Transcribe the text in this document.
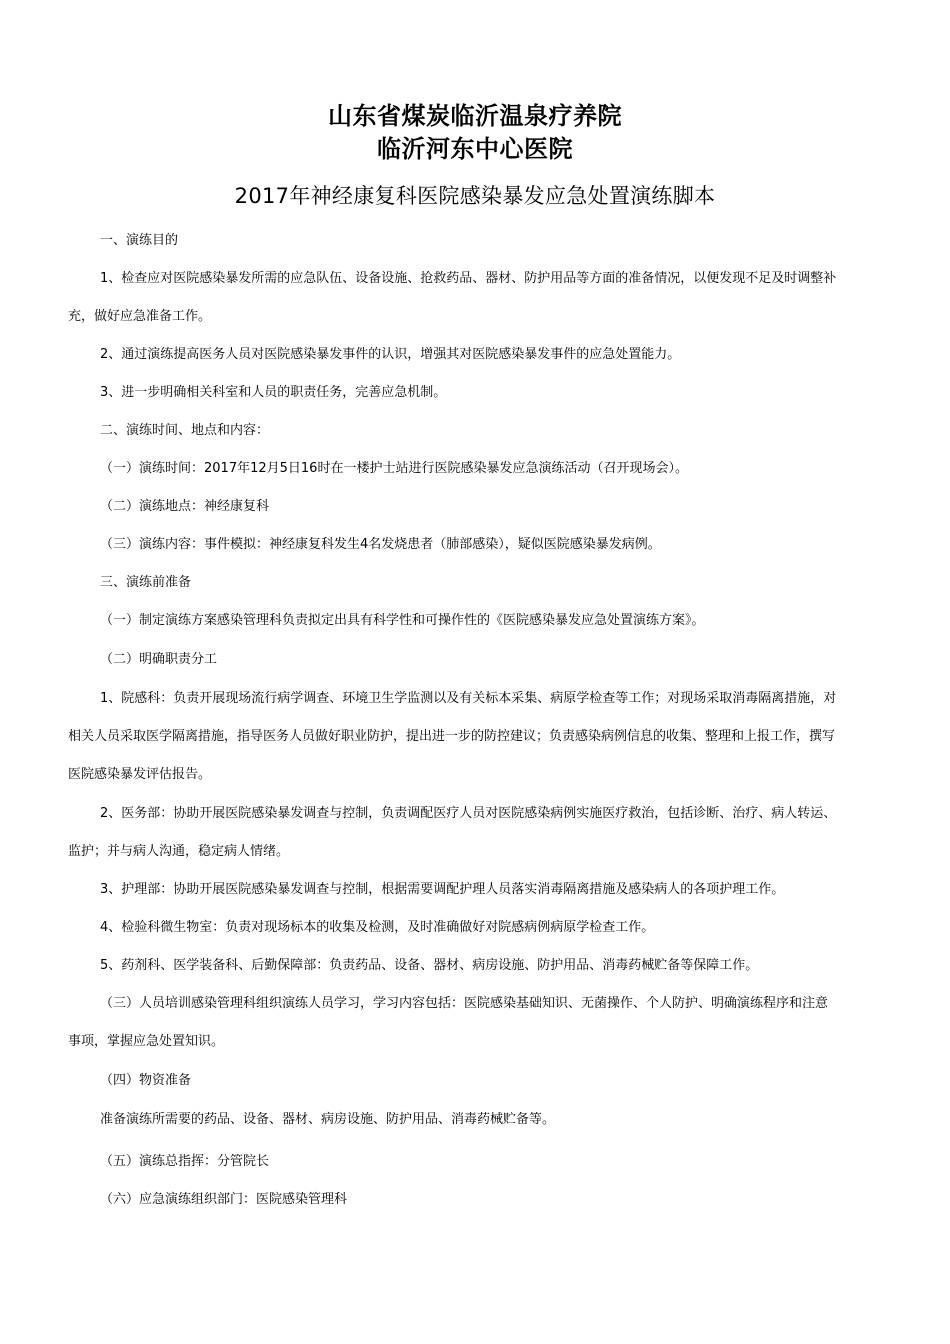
山东省煤炭临沂温泉疗养院
临沂河东中心医院
2017年神经康复科医院感染暴发应急处置演练脚本
一、演练目的
1、检查应对医院感染暴发所需的应急队伍、设备设施、抢救药品、器材、防护用品等方面的准备情况，以便发现不足及时调整补
充，做好应急准备工作。
2、通过演练提高医务人员对医院感染暴发事件的认识，增强其对医院感染暴发事件的应急处置能力。
3、进一步明确相关科室和人员的职责任务，完善应急机制。
二、演练时间、地点和内容：
（一）演练时间：2017年12月5日16时在一楼护士站进行医院感染暴发应急演练活动（召开现场会）。
（二）演练地点：神经康复科
（三）演练内容：事件模拟：神经康复科发生4名发烧患者（肺部感染），疑似医院感染暴发病例。
三、演练前准备
（一）制定演练方案感染管理科负责拟定出具有科学性和可操作性的《医院感染暴发应急处置演练方案》。
（二）明确职责分工
1、院感科：负责开展现场流行病学调查、环境卫生学监测以及有关标本采集、病原学检查等工作；对现场采取消毒隔离措施，对
相关人员采取医学隔离措施，指导医务人员做好职业防护，提出进一步的防控建议；负责感染病例信息的收集、整理和上报工作，撰写
医院感染暴发评估报告。
2、医务部：协助开展医院感染暴发调查与控制，负责调配医疗人员对医院感染病例实施医疗救治，包括诊断、治疗、病人转运、
监护；并与病人沟通，稳定病人情绪。
3、护理部：协助开展医院感染暴发调查与控制，根据需要调配护理人员落实消毒隔离措施及感染病人的各项护理工作。
4、检验科微生物室：负责对现场标本的收集及检测，及时准确做好对院感病例病原学检查工作。
5、药剂科、医学装备科、后勤保障部：负责药品、设备、器材、病房设施、防护用品、消毒药械贮备等保障工作。
（三）人员培训感染管理科组织演练人员学习，学习内容包括：医院感染基础知识、无菌操作、个人防护、明确演练程序和注意
事项，掌握应急处置知识。
（四）物资准备
准备演练所需要的药品、设备、器材、病房设施、防护用品、消毒药械贮备等。
（五）演练总指挥：分管院长
（六）应急演练组织部门：医院感染管理科
